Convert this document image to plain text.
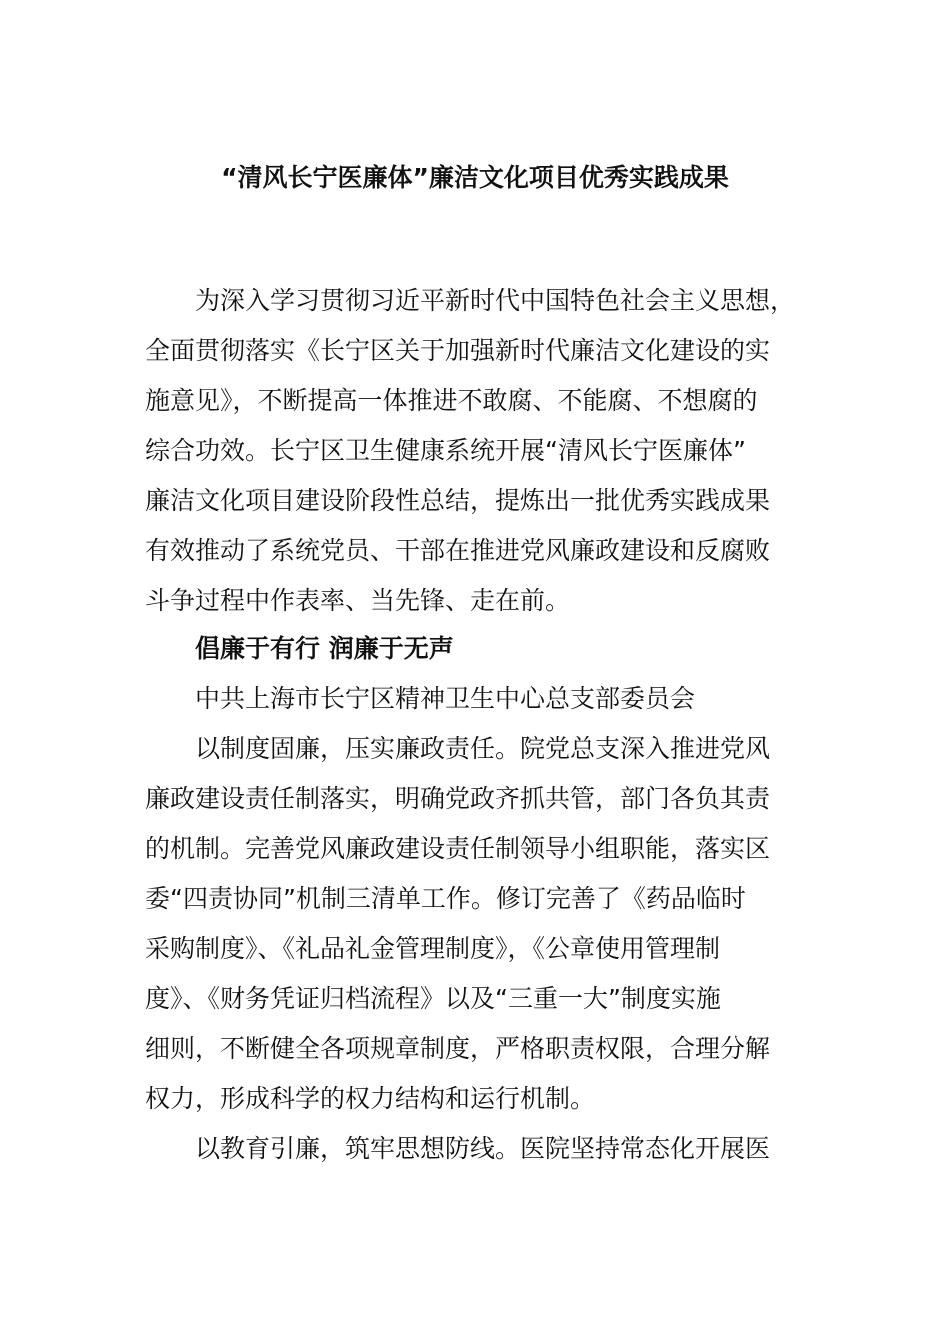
“清风长宁医廉体”廉洁文化项目优秀实践成果
为深入学习贯彻习近平新时代中国特色社会主义思想，
全面贯彻落实《长宁区关于加强新时代廉洁文化建设的实
施意见》，不断提高一体推进不敢腐、不能腐、不想腐的
综合功效。长宁区卫生健康系统开展“清风长宁医廉体”
廉洁文化项目建设阶段性总结，提炼出一批优秀实践成果
有效推动了系统党员、干部在推进党风廉政建设和反腐败
斗争过程中作表率、当先锋、走在前。
倡廉于有行 润廉于无声
中共上海市长宁区精神卫生中心总支部委员会
以制度固廉，压实廉政责任。院党总支深入推进党风
廉政建设责任制落实，明确党政齐抓共管，部门各负其责
的机制。完善党风廉政建设责任制领导小组职能，落实区
委“四责协同”机制三清单工作。修订完善了《药品临时
采购制度》、《礼品礼金管理制度》，《公章使用管理制
度》、《财务凭证归档流程》以及“三重一大”制度实施
细则，不断健全各项规章制度，严格职责权限，合理分解
权力，形成科学的权力结构和运行机制。
以教育引廉，筑牢思想防线。医院坚持常态化开展医
